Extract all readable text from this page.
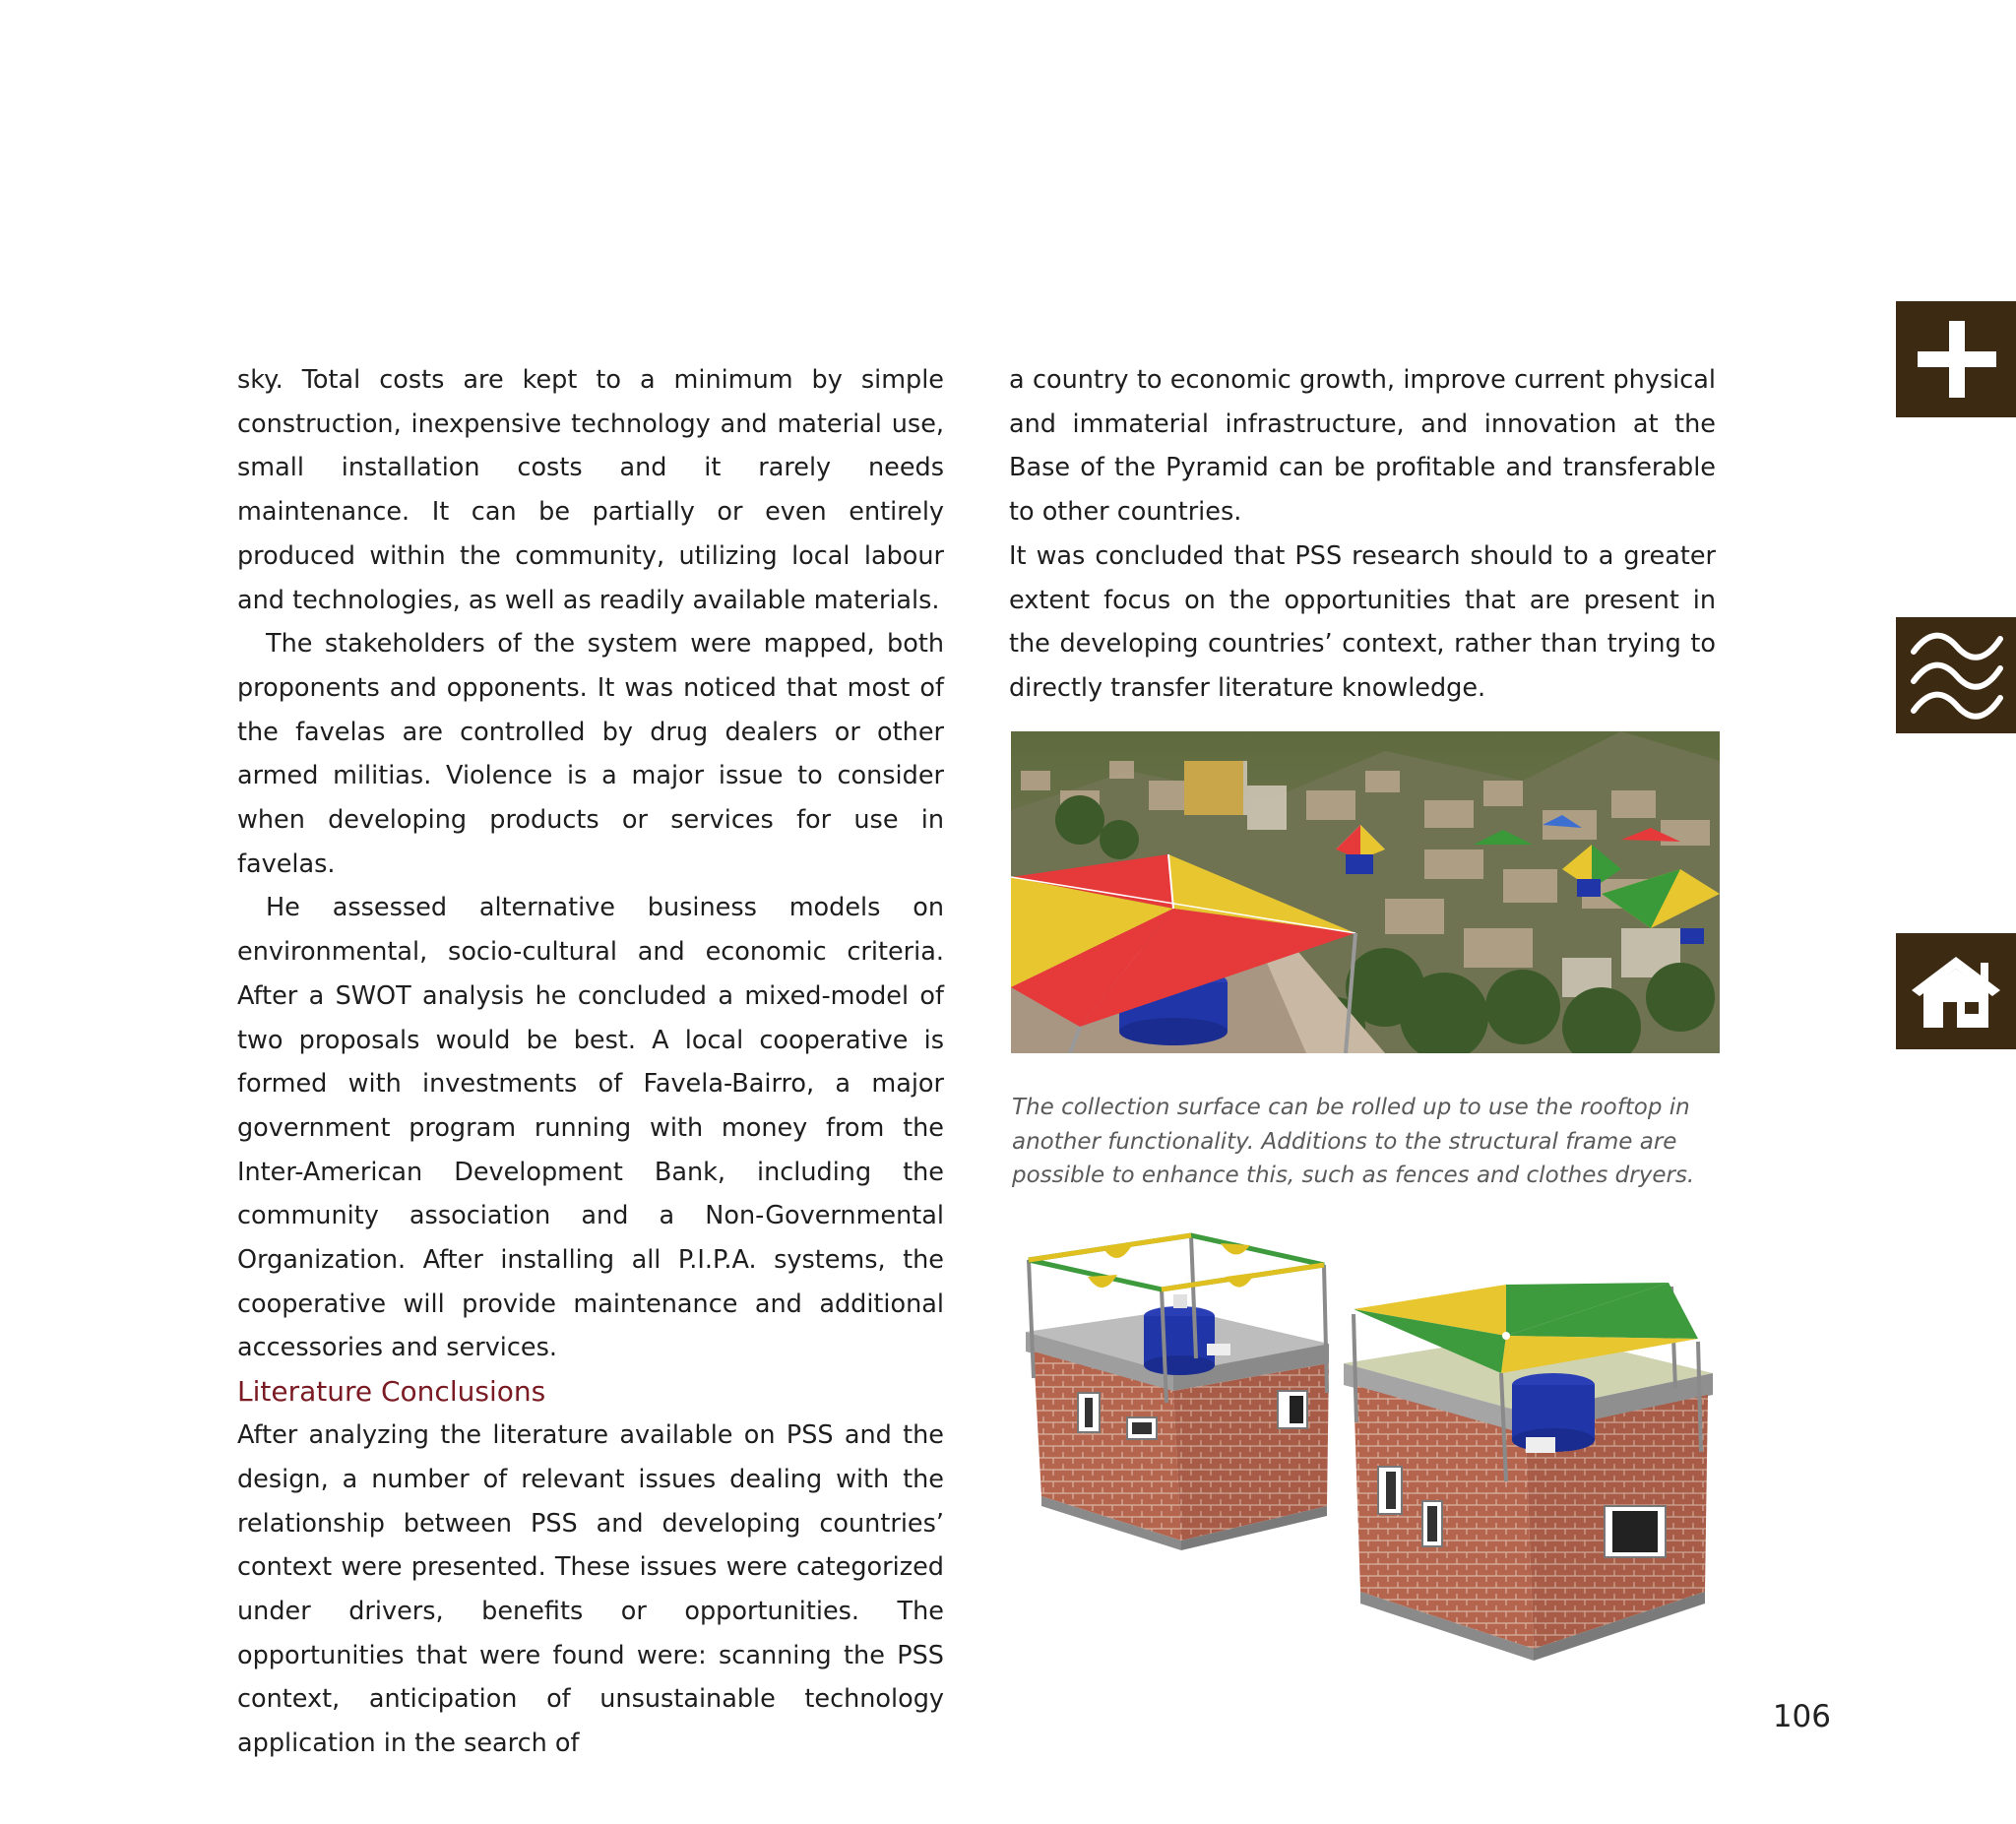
sky. Total costs are kept to a minimum by simple construction, inexpensive technology and material use, small installation costs and it rarely needs maintenance. It can be partially or even entirely produced within the community, utilizing local labour and technologies, as well as readily available materials.

The stakeholders of the system were mapped, both proponents and opponents. It was noticed that most of the favelas are controlled by drug dealers or other armed militias. Violence is a major issue to consider when developing products or services for use in favelas.

He assessed alternative business models on environmental, socio-cultural and economic criteria. After a SWOT analysis he concluded a mixed-model of two proposals would be best. A local cooperative is formed with investments of Favela-Bairro, a major government program running with money from the Inter-American Development Bank, including the community association and a Non-Governmental Organization. After installing all P.I.P.A. systems, the cooperative will provide maintenance and additional accessories and services.

Literature Conclusions

After analyzing the literature available on PSS and the design, a number of relevant issues dealing with the relationship between PSS and developing countries’ context were presented. These issues were categorized under drivers, benefits or opportunities. The opportunities that were found were: scanning the PSS context, anticipation of unsustainable technology application in the search of

a country to economic growth, improve current physical and immaterial infrastructure, and innovation at the Base of the Pyramid can be profitable and transferable to other countries.

It was concluded that PSS research should to a greater extent focus on the opportunities that are present in the developing countries’ context, rather than trying to directly transfer literature knowledge.

The collection surface can be rolled up to use the rooftop in another functionality. Additions to the structural frame are possible to enhance this, such as fences and clothes dryers.
106
